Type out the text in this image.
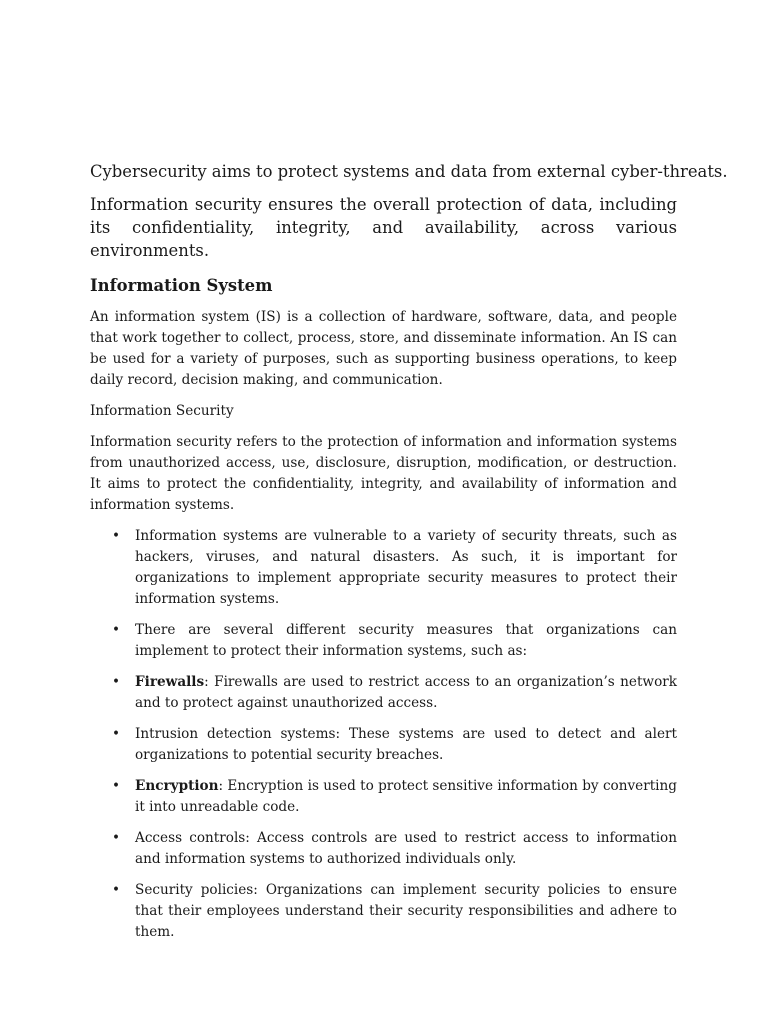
Cybersecurity aims to protect systems and data from external cyber-threats.

Information security ensures the overall protection of data, including its confidentiality, integrity, and availability, across various environments.

Information System

An information system (IS) is a collection of hardware, software, data, and people that work together to collect, process, store, and disseminate information. An IS can be used for a variety of purposes, such as supporting business operations, to keep daily record, decision making, and communication.

Information Security

Information security refers to the protection of information and information systems from unauthorized access, use, disclosure, disruption, modification, or destruction. It aims to protect the confidentiality, integrity, and availability of information and information systems.

• Information systems are vulnerable to a variety of security threats, such as hackers, viruses, and natural disasters. As such, it is important for organizations to implement appropriate security measures to protect their information systems.
• There are several different security measures that organizations can implement to protect their information systems, such as:
• Firewalls: Firewalls are used to restrict access to an organization’s network and to protect against unauthorized access.
• Intrusion detection systems: These systems are used to detect and alert organizations to potential security breaches.
• Encryption: Encryption is used to protect sensitive information by converting it into unreadable code.
• Access controls: Access controls are used to restrict access to information and information systems to authorized individuals only.
• Security policies: Organizations can implement security policies to ensure that their employees understand their security responsibilities and adhere to them.
